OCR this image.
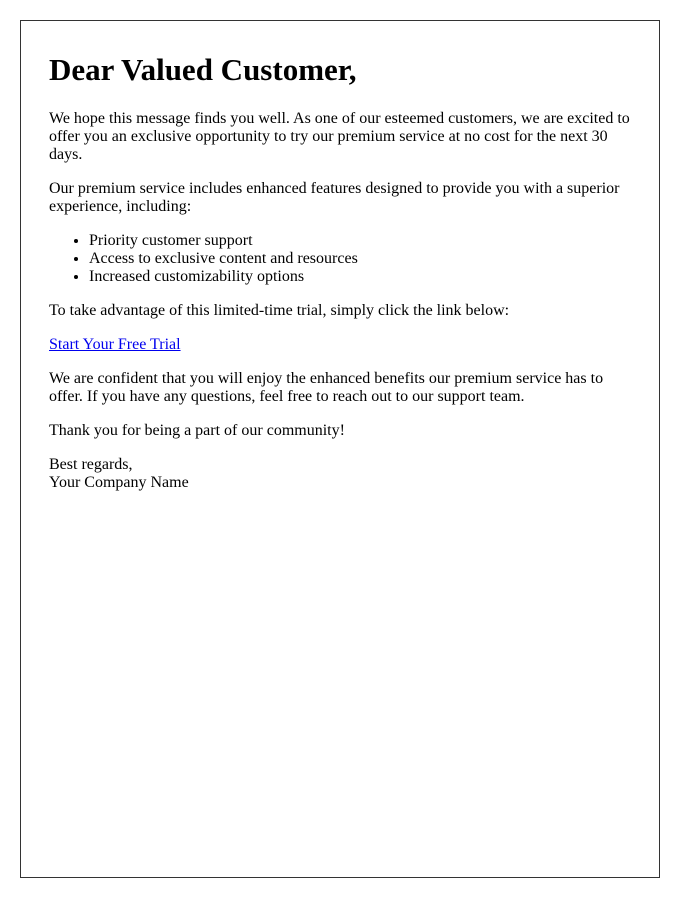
Dear Valued Customer,

We hope this message finds you well. As one of our esteemed customers, we are excited to offer you an exclusive opportunity to try our premium service at no cost for the next 30 days.

Our premium service includes enhanced features designed to provide you with a superior experience, including:

• Priority customer support
• Access to exclusive content and resources
• Increased customizability options

To take advantage of this limited-time trial, simply click the link below:

Start Your Free Trial

We are confident that you will enjoy the enhanced benefits our premium service has to offer. If you have any questions, feel free to reach out to our support team.

Thank you for being a part of our community!

Best regards,
Your Company Name
